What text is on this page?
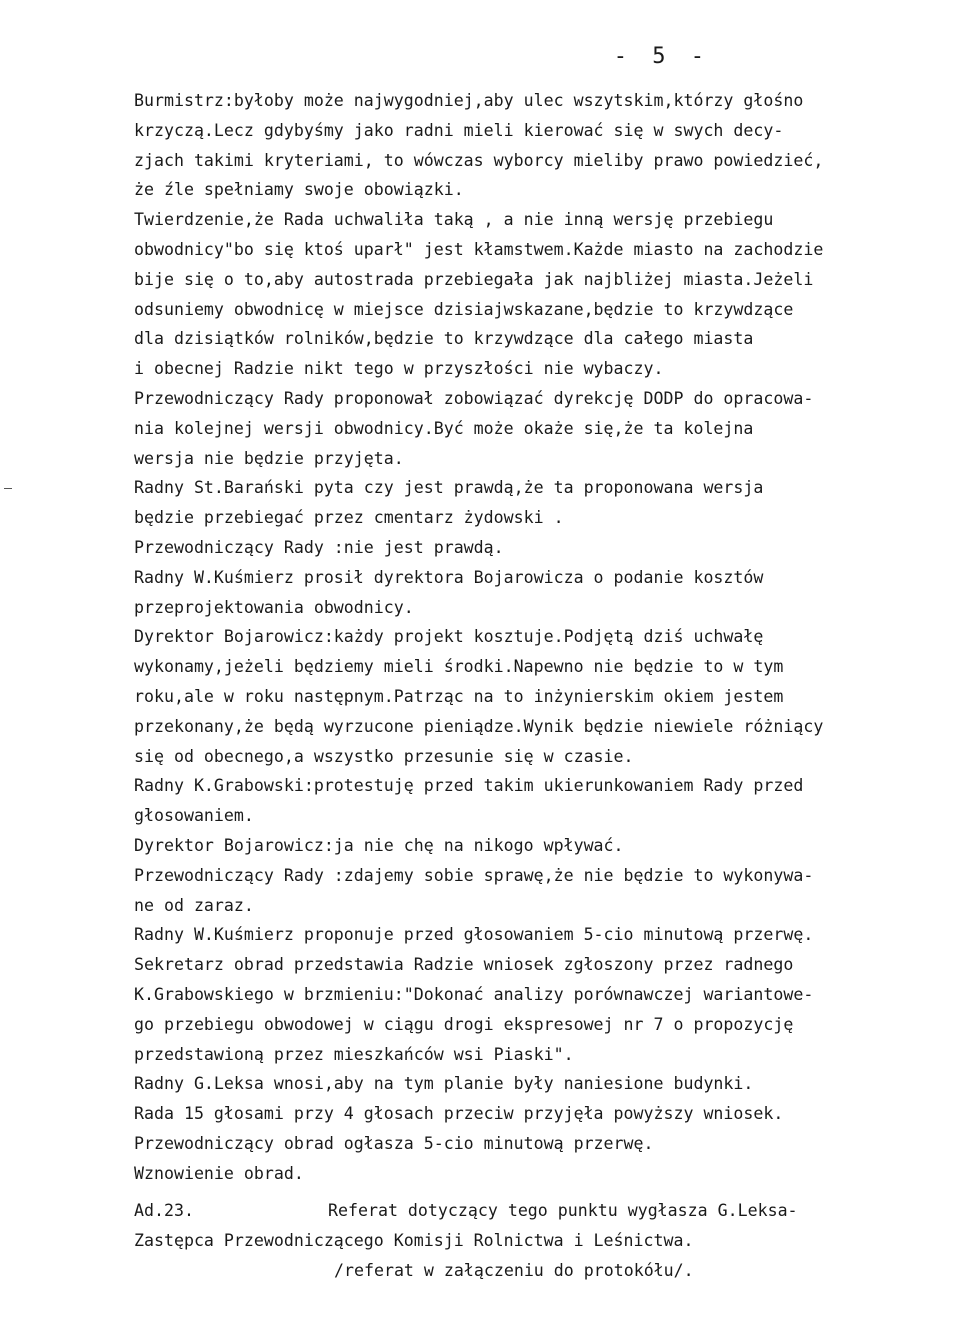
- 5 -
Burmistrz:byłoby może najwygodniej,aby ulec wszytskim,którzy głośno
krzyczą.Lecz gdybyśmy jako radni mieli kierować się w swych decy-
zjach takimi kryteriami, to wówczas wyborcy mieliby prawo powiedzieć,
że źle spełniamy swoje obowiązki.
Twierdzenie,że Rada uchwaliła taką , a nie inną wersję przebiegu
obwodnicy"bo się ktoś uparł" jest kłamstwem.Każde miasto na zachodzie
bije się o to,aby autostrada przebiegała jak najbliżej miasta.Jeżeli
odsuniemy obwodnicę w miejsce dzisiajwskazane,będzie to krzywdzące
dla dzisiątków rolników,będzie to krzywdzące dla całego miasta
i obecnej Radzie nikt tego w przyszłości nie wybaczy.
Przewodniczący Rady proponował zobowiązać dyrekcję DODP do opracowa-
nia kolejnej wersji obwodnicy.Być może okaże się,że ta kolejna
wersja nie będzie przyjęta.
Radny St.Barański pyta czy jest prawdą,że ta proponowana wersja
będzie przebiegać przez cmentarz żydowski .
Przewodniczący Rady :nie jest prawdą.
Radny W.Kuśmierz prosił dyrektora Bojarowicza o podanie kosztów
przeprojektowania obwodnicy.
Dyrektor Bojarowicz:każdy projekt kosztuje.Podjętą dziś uchwałę
wykonamy,jeżeli będziemy mieli środki.Napewno nie będzie to w tym
roku,ale w roku następnym.Patrząc na to inżynierskim okiem jestem
przekonany,że będą wyrzucone pieniądze.Wynik będzie niewiele różniący
się od obecnego,a wszystko przesunie się w czasie.
Radny K.Grabowski:protestuję przed takim ukierunkowaniem Rady przed
głosowaniem.
Dyrektor Bojarowicz:ja nie chę na nikogo wpływać.
Przewodniczący Rady :zdajemy sobie sprawę,że nie będzie to wykonywa-
ne od zaraz.
Radny W.Kuśmierz proponuje przed głosowaniem 5-cio minutową przerwę.
Sekretarz obrad przedstawia Radzie wniosek zgłoszony przez radnego
K.Grabowskiego w brzmieniu:"Dokonać analizy porównawczej wariantowe-
go przebiegu obwodowej w ciągu drogi ekspresowej nr 7 o propozycję
przedstawioną przez mieszkańców wsi Piaski".
Radny G.Leksa wnosi,aby na tym planie były naniesione budynki.
Rada 15 głosami przy 4 głosach przeciw przyjęła powyższy wniosek.
Przewodniczący obrad ogłasza 5-cio minutową przerwę.
Wznowienie obrad.
Ad.23.	Referat dotyczący tego punktu wygłasza G.Leksa-
Zastępca Przewodniczącego Komisji Rolnictwa i Leśnictwa.
/referat w załączeniu do protokółu/.
